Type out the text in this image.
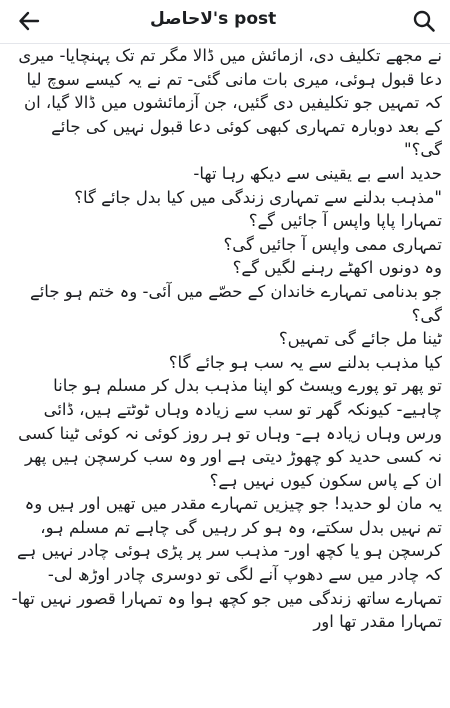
لاحاصل's post

نے مجھے تکلیف دی، ازمائش میں ڈالا مگر تم تک پہنچایا- میری دعا قبول ہوئی، میری بات مانی گئی- تم نے یہ کیسے سوچ لیا کہ تمہیں جو تکلیفیں دی گئیں، جن آزمائشوں میں ڈالا گیا، ان کے بعد دوبارہ تمہاری کبھی کوئی دعا قبول نہیں کی جائے گی؟"

حدید اسے بے یقینی سے دیکھ رہا تھا-

"مذہب بدلنے سے تمہاری زندگی میں کیا بدل جائے گا؟

تمہارا پاپا واپس آ جائیں گے؟

تمہاری ممی واپس آ جائیں گی؟

وہ دونوں اکھٹے رہنے لگیں گے؟

جو بدنامی تمہارے خاندان کے حصّے میں آئی- وہ ختم ہو جائے گی؟

ٹینا مل جائے گی تمہیں؟

کیا مذہب بدلنے سے یہ سب ہو جائے گا؟

تو پھر تو پورے ویسٹ کو اپنا مذہب بدل کر مسلم ہو جانا چاہیے- کیونکہ گھر تو سب سے زیادہ وہاں ٹوٹتے ہیں، ڈائی ورس وہاں زیادہ ہے- وہاں تو ہر روز کوئی نہ کوئی ٹینا کسی نہ کسی حدید کو چھوڑ دیتی ہے اور وہ سب کرسچن ہیں پھر ان کے پاس سکون کیوں نہیں ہے؟

یہ مان لو حدید! جو چیزیں تمہارے مقدر میں تھیں اور ہیں وہ تم نہیں بدل سکتے، وہ ہو کر رہیں گی چاہے تم مسلم ہو، کرسچن ہو یا کچھ اور- مذہب سر پر پڑی ہوئی چادر نہیں ہے کہ چادر میں سے دھوپ آنے لگی تو دوسری چادر اوڑھ لی- تمہارے ساتھ زندگی میں جو کچھ ہوا وہ تمہارا قصور نہیں تھا- تمہارا مقدر تھا اور
